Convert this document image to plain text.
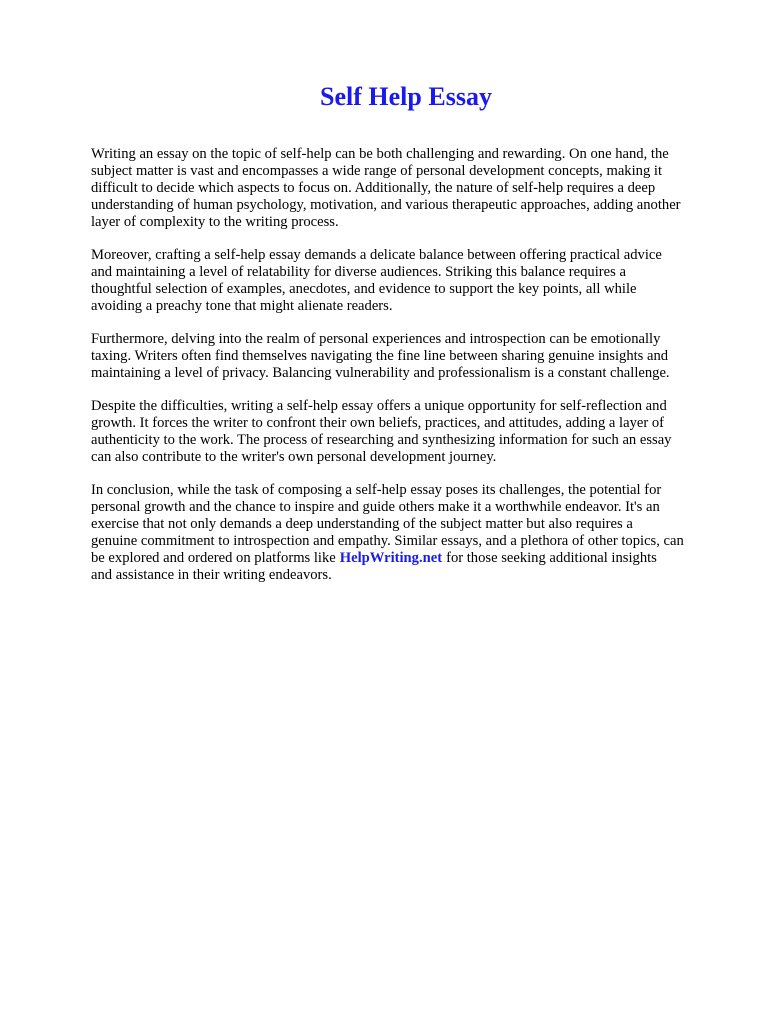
Self Help Essay

Writing an essay on the topic of self-help can be both challenging and rewarding. On one hand, the
subject matter is vast and encompasses a wide range of personal development concepts, making it
difficult to decide which aspects to focus on. Additionally, the nature of self-help requires a deep
understanding of human psychology, motivation, and various therapeutic approaches, adding another
layer of complexity to the writing process.

Moreover, crafting a self-help essay demands a delicate balance between offering practical advice
and maintaining a level of relatability for diverse audiences. Striking this balance requires a
thoughtful selection of examples, anecdotes, and evidence to support the key points, all while
avoiding a preachy tone that might alienate readers.

Furthermore, delving into the realm of personal experiences and introspection can be emotionally
taxing. Writers often find themselves navigating the fine line between sharing genuine insights and
maintaining a level of privacy. Balancing vulnerability and professionalism is a constant challenge.

Despite the difficulties, writing a self-help essay offers a unique opportunity for self-reflection and
growth. It forces the writer to confront their own beliefs, practices, and attitudes, adding a layer of
authenticity to the work. The process of researching and synthesizing information for such an essay
can also contribute to the writer's own personal development journey.

In conclusion, while the task of composing a self-help essay poses its challenges, the potential for
personal growth and the chance to inspire and guide others make it a worthwhile endeavor. It's an
exercise that not only demands a deep understanding of the subject matter but also requires a
genuine commitment to introspection and empathy. Similar essays, and a plethora of other topics, can
be explored and ordered on platforms like HelpWriting.net for those seeking additional insights
and assistance in their writing endeavors.
